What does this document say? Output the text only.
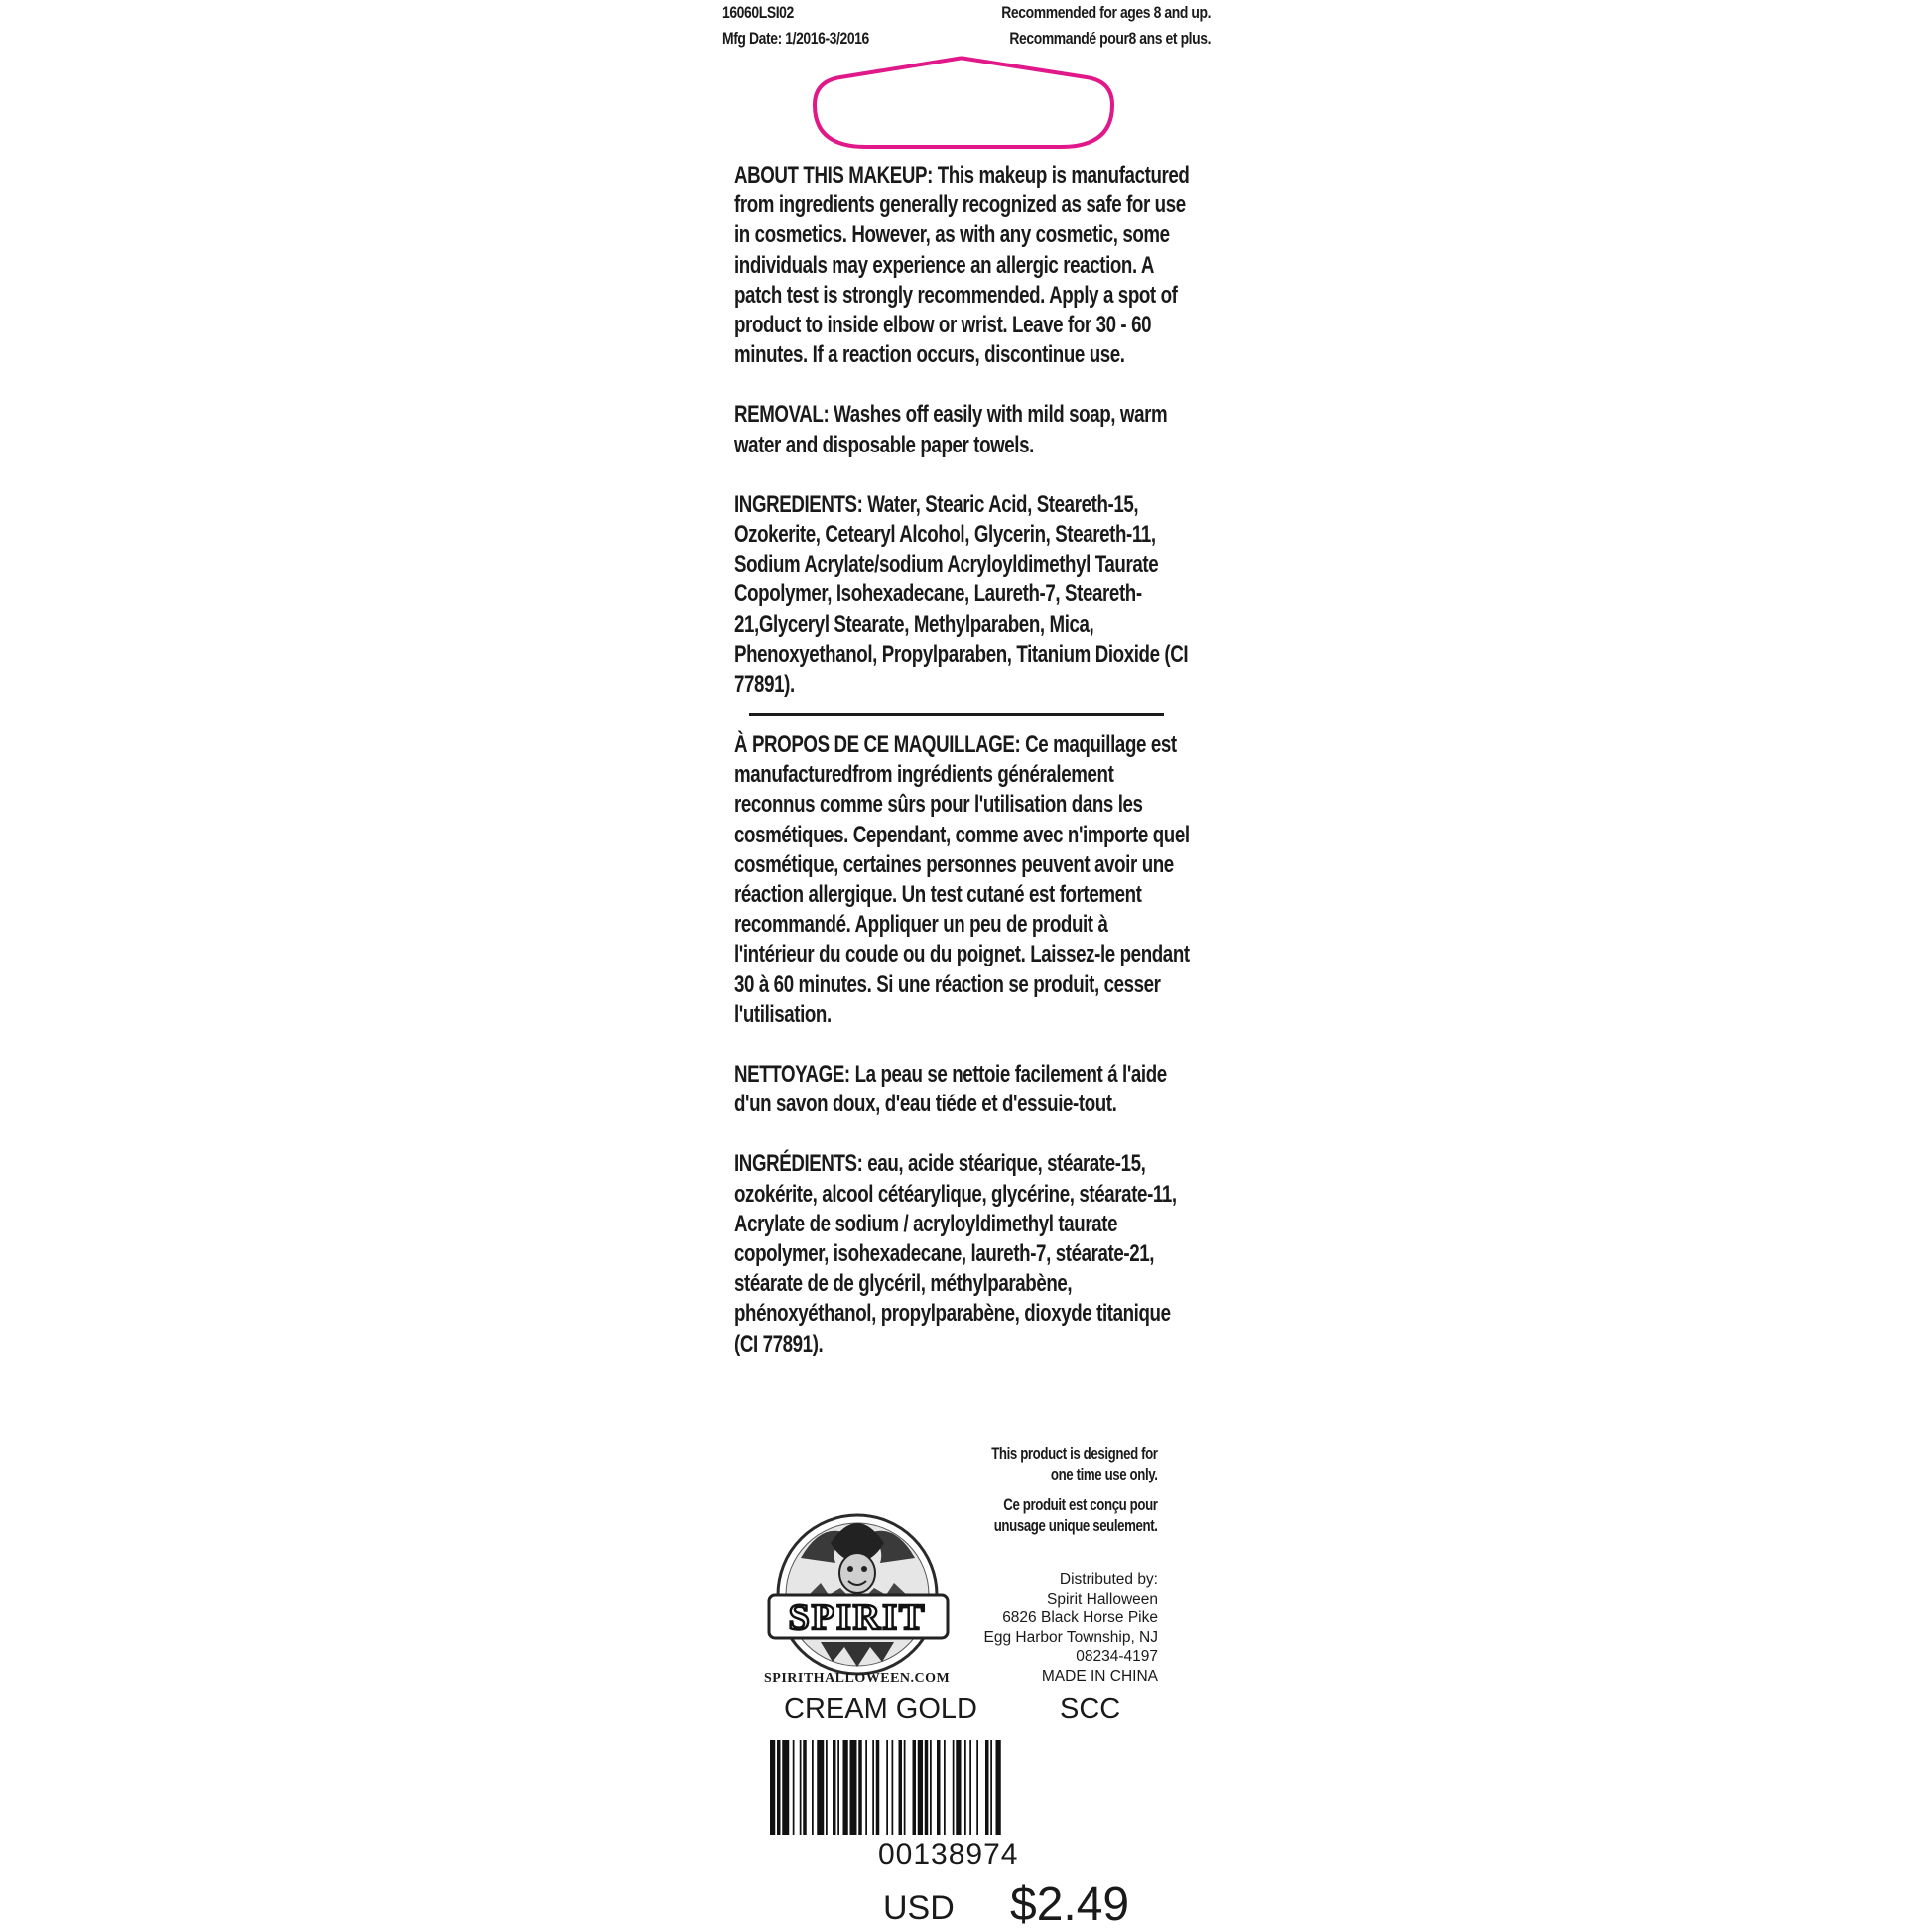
16060LSI02
Mfg Date: 1/2016-3/2016
Recommended for ages 8 and up.
Recommandé pour8 ans et plus.

ABOUT THIS MAKEUP: This makeup is manufactured from ingredients generally recognized as safe for use in cosmetics. However, as with any cosmetic, some individuals may experience an allergic reaction. A patch test is strongly recommended. Apply a spot of product to inside elbow or wrist. Leave for 30 - 60 minutes. If a reaction occurs, discontinue use.

REMOVAL: Washes off easily with mild soap, warm water and disposable paper towels.

INGREDIENTS: Water, Stearic Acid, Steareth-15, Ozokerite, Cetearyl Alcohol, Glycerin, Steareth-11, Sodium Acrylate/sodium Acryloyldimethyl Taurate Copolymer, Isohexadecane, Laureth-7, Steareth-21,Glyceryl Stearate, Methylparaben, Mica, Phenoxyethanol, Propylparaben, Titanium Dioxide (CI 77891).

À PROPOS DE CE MAQUILLAGE: Ce maquillage est manufacturedfrom ingrédients généralement reconnus comme sûrs pour l'utilisation dans les cosmétiques. Cependant, comme avec n'importe quel cosmétique, certaines personnes peuvent avoir une réaction allergique. Un test cutané est fortement recommandé. Appliquer un peu de produit à l'intérieur du coude ou du poignet. Laissez-le pendant 30 à 60 minutes. Si une réaction se produit, cesser l'utilisation.

NETTOYAGE: La peau se nettoie facilement á l'aide d'un savon doux, d'eau tiéde et d'essuie-tout.

INGRÉDIENTS: eau, acide stéarique, stéarate-15, ozokérite, alcool cétéarylique, glycérine, stéarate-11, Acrylate de sodium / acryloyldimethyl taurate copolymer, isohexadecane, laureth-7, stéarate-21, stéarate de de glycéril, méthylparabène, phénoxyéthanol, propylparabène, dioxyde titanique (CI 77891).

This product is designed for
one time use only.
Ce produit est conçu pour
unusage unique seulement.
SPIRIT
SPIRITHALLOWEEN.COM
Distributed by:
Spirit Halloween
6826 Black Horse Pike
Egg Harbor Township, NJ
08234-4197
MADE IN CHINA
CREAM GOLD	SCC
00138974
USD $2.49
